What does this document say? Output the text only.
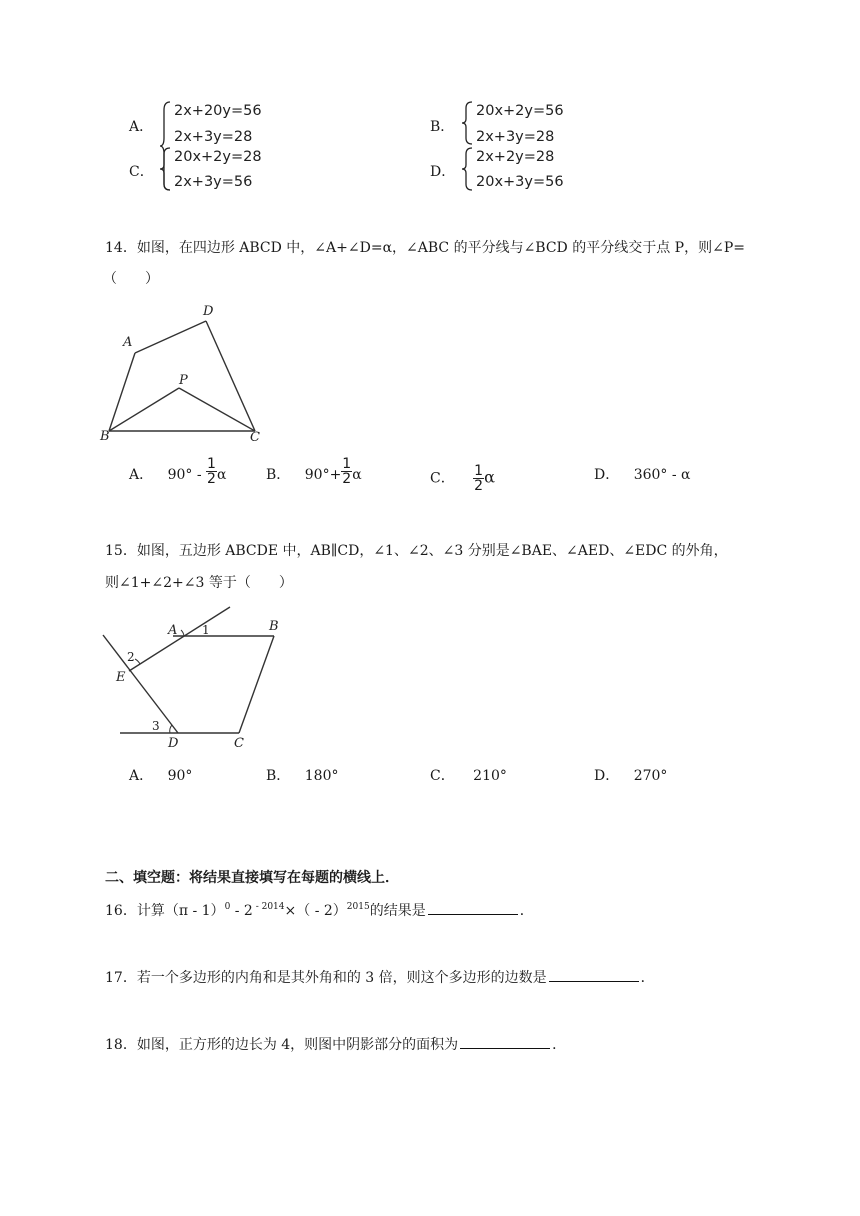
A．
2x+20y=56
2x+3y=28
B．
20x+2y=56
2x+3y=28
C．
20x+2y=28
2x+3y=56
D．
2x+2y=28
20x+3y=56
14．如图，在四边形 ABCD 中，∠A+∠D=α，∠ABC 的平分线与∠BCD 的平分线交于点 P，则∠P=
（　　）
A
D
P
B	C
A． $90^\circ - \frac{1}{2}$ α	B． $90^\circ+ \frac{1}{2}$ α	C． $\frac{1}{2}$ α	D． 360° - α
15．如图，五边形 ABCDE 中，AB∥CD，∠1、∠2、∠3 分别是∠BAE、∠AED、∠EDC 的外角，
则∠1+∠2+∠3 等于（　　）
A 1	B
2
E
3
D	C
A． 90°	B． 180°	C． 210°	D． 270°
二、填空题：将结果直接填写在每题的横线上．
16．计算（π - 1）$^0$ - 2 $^{- 2014}$×（ - 2）$^{2015}$的结果是	．
17．若一个多边形的内角和是其外角和的 3 倍，则这个多边形的边数是	．
18．如图，正方形的边长为 4，则图中阴影部分的面积为	．
